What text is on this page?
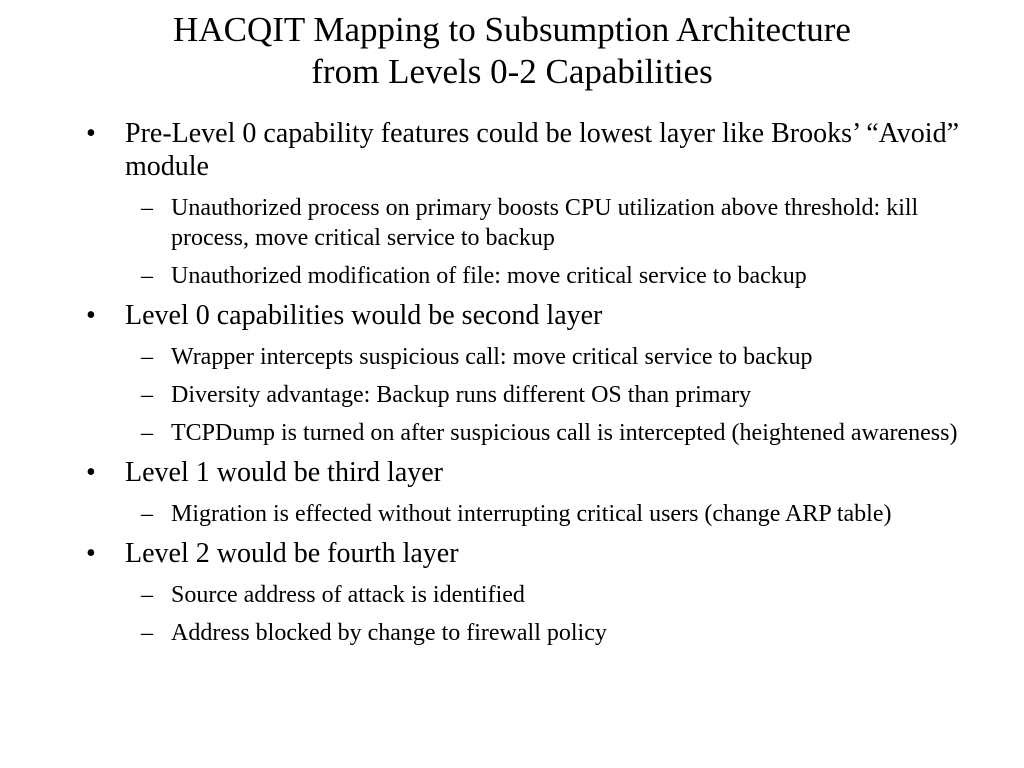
HACQIT Mapping to Subsumption Architecture
from Levels 0-2 Capabilities
•	Pre-Level 0 capability features could be lowest layer like Brooks’ “Avoid” module
– Unauthorized process on primary boosts CPU utilization above threshold: kill process, move critical service to backup
– Unauthorized modification of file: move critical service to backup
•	Level 0 capabilities would be second layer
– Wrapper intercepts suspicious call: move critical service to backup
– Diversity advantage: Backup runs different OS than primary
– TCPDump is turned on after suspicious call is intercepted (heightened awareness)
•	Level 1 would be third layer
– Migration is effected without interrupting critical users (change ARP table)
•	Level 2 would be fourth layer
– Source address of attack is identified
– Address blocked by change to firewall policy
